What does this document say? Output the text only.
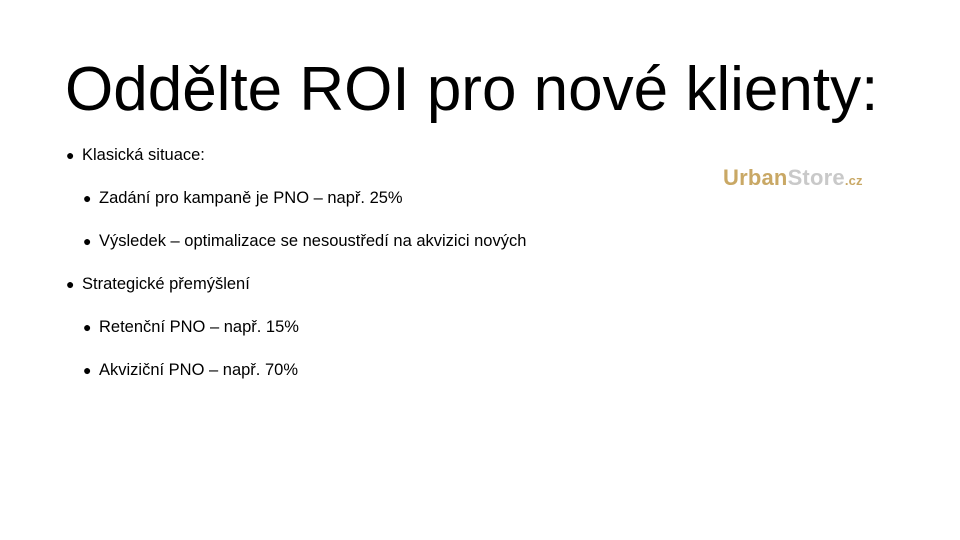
Oddělte ROI pro nové klienty:
● Klasická situace:
● Zadání pro kampaně je PNO – např. 25%
● Výsledek – optimalizace se nesoustředí na akvizici nových
● Strategické přemýšlení
● Retenční PNO – např. 15%
● Akviziční PNO – např. 70%
UrbanStore.cz
